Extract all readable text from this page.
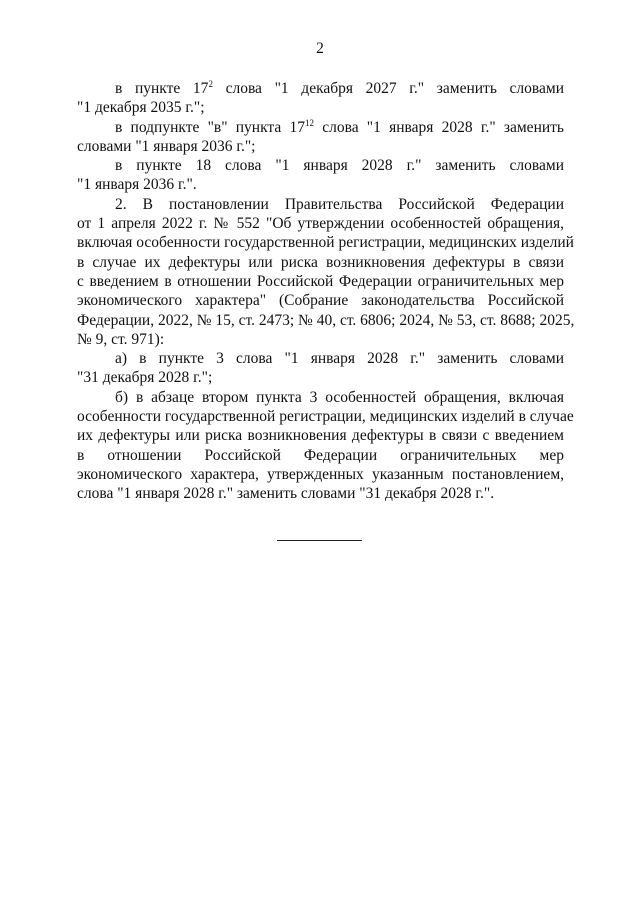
2

в пункте $17^2$ слова "1 декабря 2027 г." заменить словами
"1 декабря 2035 г.";

в подпункте "в" пункта $17^{12}$ слова "1 января 2028 г." заменить
словами "1 января 2036 г.";

в пункте 18 слова "1 января 2028 г." заменить словами
"1 января 2036 г.".

2. В постановлении Правительства Российской Федерации
от 1 апреля 2022 г. № 552 "Об утверждении особенностей обращения,
включая особенности государственной регистрации, медицинских изделий
в случае их дефектуры или риска возникновения дефектуры в связи
с введением в отношении Российской Федерации ограничительных мер
экономического характера" (Собрание законодательства Российской
Федерации, 2022, № 15, ст. 2473; № 40, ст. 6806; 2024, № 53, ст. 8688; 2025,
№ 9, ст. 971):

а) в пункте 3 слова "1 января 2028 г." заменить словами
"31 декабря 2028 г.";

б) в абзаце втором пункта 3 особенностей обращения, включая
особенности государственной регистрации, медицинских изделий в случае
их дефектуры или риска возникновения дефектуры в связи с введением
в отношении Российской Федерации ограничительных мер
экономического характера, утвержденных указанным постановлением,
слова "1 января 2028 г." заменить словами "31 декабря 2028 г.".
